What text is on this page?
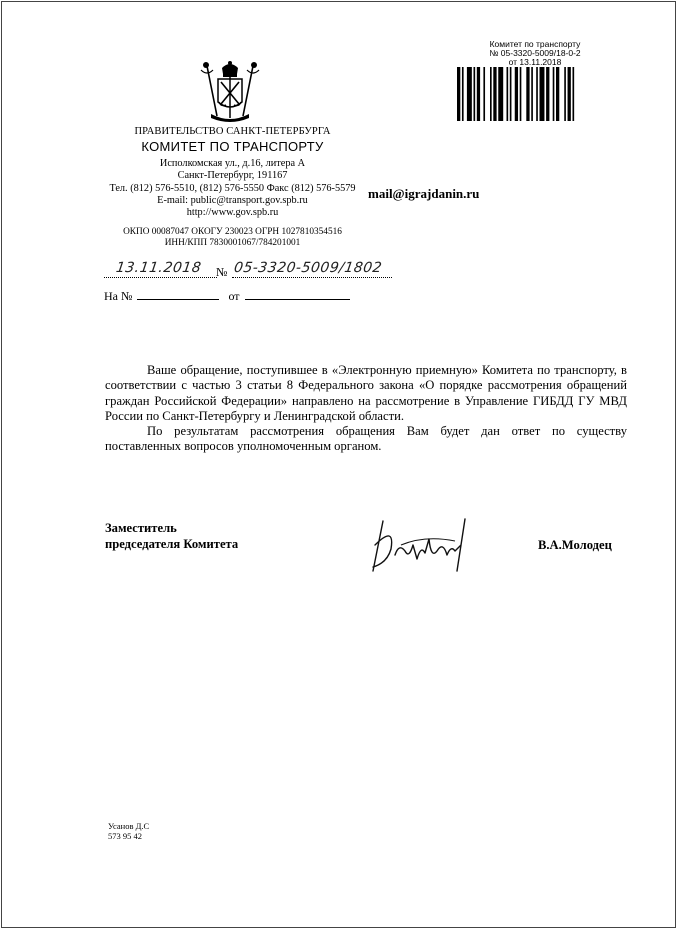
ПРАВИТЕЛЬСТВО САНКТ-ПЕТЕРБУРГА
КОМИТЕТ ПО ТРАНСПОРТУ
Исполкомская ул., д.16, литера А
Санкт-Петербург, 191167
Тел. (812) 576-5510, (812) 576-5550 Факс (812) 576-5579
E-mail: public@transport.gov.spb.ru
http://www.gov.spb.ru
ОКПО 00087047 ОКОГУ 230023 ОГРН 1027810354516
ИНН/КПП 7830001067/784201001
Комитет по транспорту
№ 05-3320-5009/18-0-2
от 13.11.2018
mail@igrajdanin.ru
13.11.2018 № 05-3320-5009/1802
На №	от

Ваше обращение, поступившее в «Электронную приемную» Комитета по транспорту, в соответствии с частью 3 статьи 8 Федерального закона «О порядке рассмотрения обращений граждан Российской Федерации» направлено на рассмотрение в Управление ГИБДД ГУ МВД России по Санкт-Петербургу и Ленинградской области.

По результатам рассмотрения обращения Вам будет дан ответ по существу поставленных вопросов уполномоченным органом.

Заместитель
председателя Комитета	В.А.Молодец
Усанов Д.С
573 95 42
